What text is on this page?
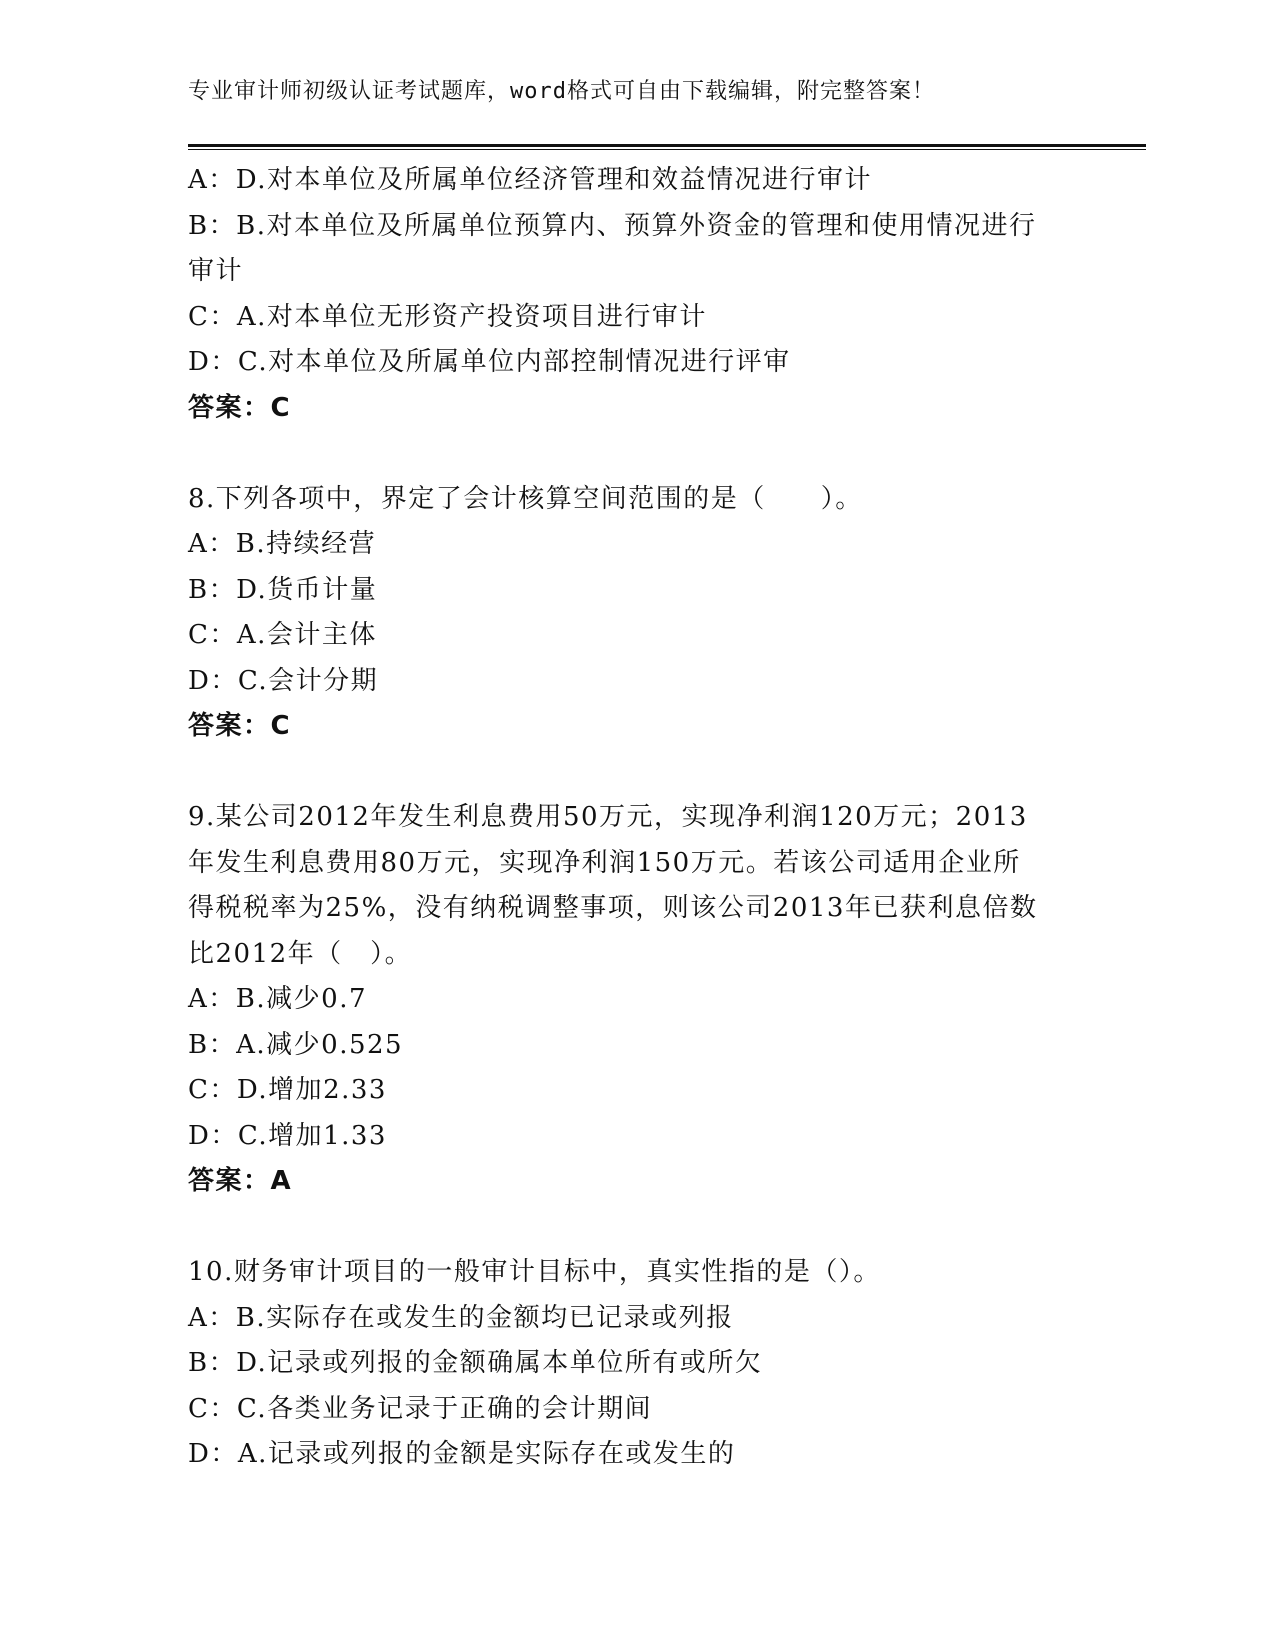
专业审计师初级认证考试题库，word格式可自由下载编辑，附完整答案！
A：D.对本单位及所属单位经济管理和效益情况进行审计
B：B.对本单位及所属单位预算内、预算外资金的管理和使用情况进行
审计
C：A.对本单位无形资产投资项目进行审计
D：C.对本单位及所属单位内部控制情况进行评审
答案：C
8.下列各项中，界定了会计核算空间范围的是（　　）。
A：B.持续经营
B：D.货币计量
C：A.会计主体
D：C.会计分期
答案：C
9.某公司2012年发生利息费用50万元，实现净利润120万元；2013
年发生利息费用80万元，实现净利润150万元。若该公司适用企业所
得税税率为25%，没有纳税调整事项，则该公司2013年已获利息倍数
比2012年（　）。
A：B.减少0.7
B：A.减少0.525
C：D.增加2.33
D：C.增加1.33
答案：A
10.财务审计项目的一般审计目标中，真实性指的是（）。
A：B.实际存在或发生的金额均已记录或列报
B：D.记录或列报的金额确属本单位所有或所欠
C：C.各类业务记录于正确的会计期间
D：A.记录或列报的金额是实际存在或发生的
